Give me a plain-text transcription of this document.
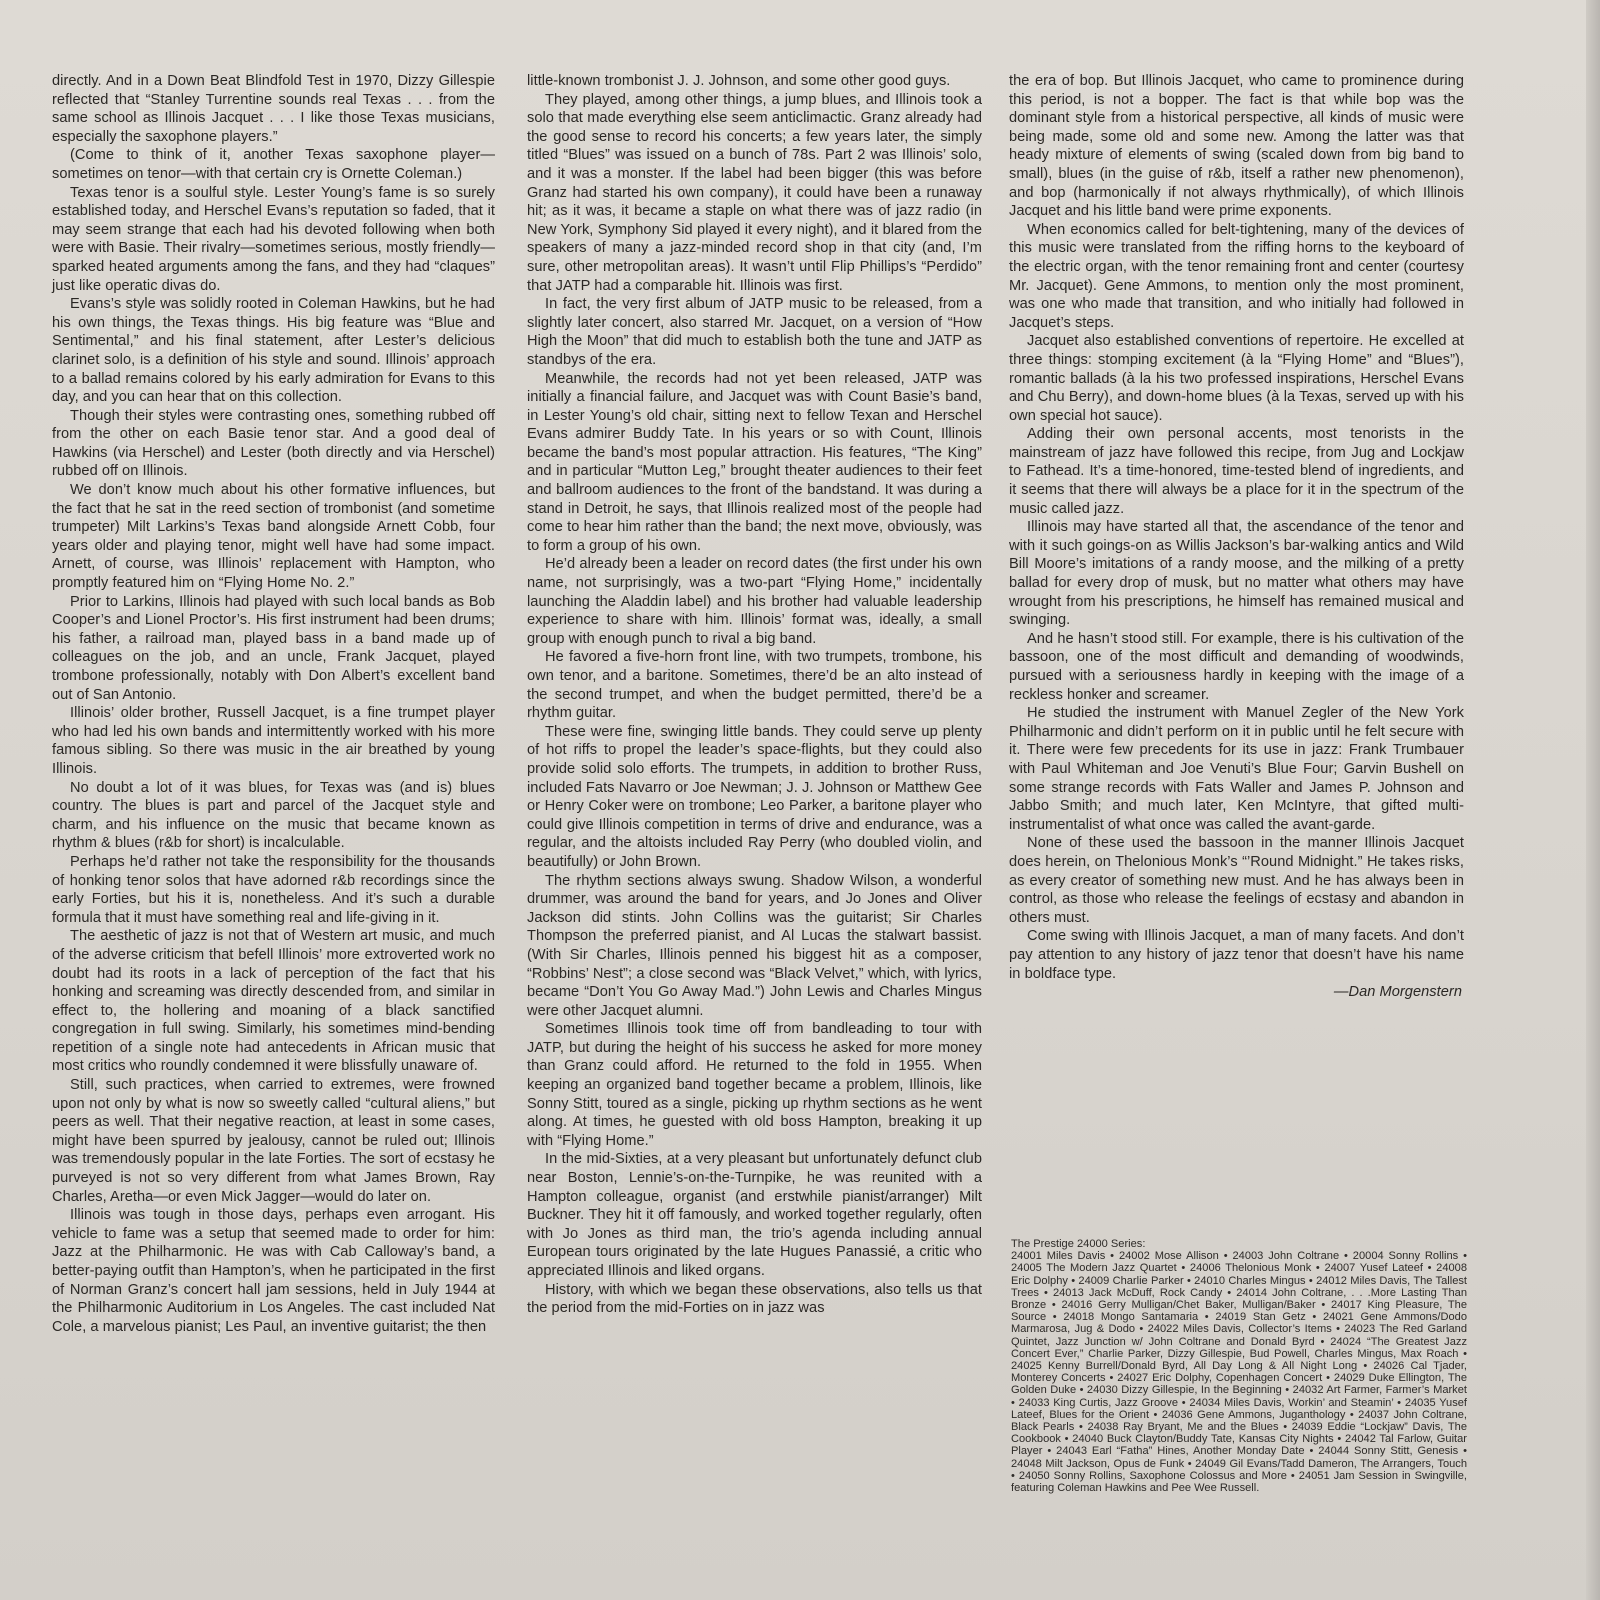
directly. And in a Down Beat Blindfold Test in 1970, Dizzy Gillespie reflected that “Stanley Turrentine sounds real Texas . . . from the same school as Illinois Jacquet . . . I like those Texas musicians, especially the saxophone players.”

(Come to think of it, another Texas saxophone player—sometimes on tenor—with that certain cry is Ornette Coleman.)

Texas tenor is a soulful style. Lester Young’s fame is so surely established today, and Herschel Evans’s reputation so faded, that it may seem strange that each had his devoted following when both were with Basie. Their rivalry—sometimes serious, mostly friendly—sparked heated arguments among the fans, and they had “claques” just like operatic divas do.

Evans’s style was solidly rooted in Coleman Hawkins, but he had his own things, the Texas things. His big feature was “Blue and Sentimental,” and his final statement, after Lester’s delicious clarinet solo, is a definition of his style and sound. Illinois’ approach to a ballad remains colored by his early admiration for Evans to this day, and you can hear that on this collection.

Though their styles were contrasting ones, something rubbed off from the other on each Basie tenor star. And a good deal of Hawkins (via Herschel) and Lester (both directly and via Herschel) rubbed off on Illinois.

We don’t know much about his other formative influences, but the fact that he sat in the reed section of trombonist (and sometime trumpeter) Milt Larkins’s Texas band alongside Arnett Cobb, four years older and playing tenor, might well have had some impact. Arnett, of course, was Illinois’ replacement with Hampton, who promptly featured him on “Flying Home No. 2.”

Prior to Larkins, Illinois had played with such local bands as Bob Cooper’s and Lionel Proctor’s. His first instrument had been drums; his father, a railroad man, played bass in a band made up of colleagues on the job, and an uncle, Frank Jacquet, played trombone professionally, notably with Don Albert’s excellent band out of San Antonio.

Illinois’ older brother, Russell Jacquet, is a fine trumpet player who had led his own bands and intermittently worked with his more famous sibling. So there was music in the air breathed by young Illinois.

No doubt a lot of it was blues, for Texas was (and is) blues country. The blues is part and parcel of the Jacquet style and charm, and his influence on the music that became known as rhythm & blues (r&b for short) is incalculable.

Perhaps he’d rather not take the responsibility for the thousands of honking tenor solos that have adorned r&b recordings since the early Forties, but his it is, nonetheless. And it’s such a durable formula that it must have something real and life-giving in it.

The aesthetic of jazz is not that of Western art music, and much of the adverse criticism that befell Illinois’ more extroverted work no doubt had its roots in a lack of perception of the fact that his honking and screaming was directly descended from, and similar in effect to, the hollering and moaning of a black sanctified congregation in full swing. Similarly, his sometimes mind-bending repetition of a single note had antecedents in African music that most critics who roundly condemned it were blissfully unaware of.

Still, such practices, when carried to extremes, were frowned upon not only by what is now so sweetly called “cultural aliens,” but peers as well. That their negative reaction, at least in some cases, might have been spurred by jealousy, cannot be ruled out; Illinois was tremendously popular in the late Forties. The sort of ecstasy he purveyed is not so very different from what James Brown, Ray Charles, Aretha—or even Mick Jagger—would do later on.

Illinois was tough in those days, perhaps even arrogant. His vehicle to fame was a setup that seemed made to order for him: Jazz at the Philharmonic. He was with Cab Calloway’s band, a better-paying outfit than Hampton’s, when he participated in the first of Norman Granz’s concert hall jam sessions, held in July 1944 at the Philharmonic Auditorium in Los Angeles. The cast included Nat Cole, a marvelous pianist; Les Paul, an inventive guitarist; the then

little-known trombonist J. J. Johnson, and some other good guys.

They played, among other things, a jump blues, and Illinois took a solo that made everything else seem anticlimactic. Granz already had the good sense to record his concerts; a few years later, the simply titled “Blues” was issued on a bunch of 78s. Part 2 was Illinois’ solo, and it was a monster. If the label had been bigger (this was before Granz had started his own company), it could have been a runaway hit; as it was, it became a staple on what there was of jazz radio (in New York, Symphony Sid played it every night), and it blared from the speakers of many a jazz-minded record shop in that city (and, I’m sure, other metropolitan areas). It wasn’t until Flip Phillips’s “Perdido” that JATP had a comparable hit. Illinois was first.

In fact, the very first album of JATP music to be released, from a slightly later concert, also starred Mr. Jacquet, on a version of “How High the Moon” that did much to establish both the tune and JATP as standbys of the era.

Meanwhile, the records had not yet been released, JATP was initially a financial failure, and Jacquet was with Count Basie’s band, in Lester Young’s old chair, sitting next to fellow Texan and Herschel Evans admirer Buddy Tate. In his years or so with Count, Illinois became the band’s most popular attraction. His features, “The King” and in particular “Mutton Leg,” brought theater audiences to their feet and ballroom audiences to the front of the bandstand. It was during a stand in Detroit, he says, that Illinois realized most of the people had come to hear him rather than the band; the next move, obviously, was to form a group of his own.

He’d already been a leader on record dates (the first under his own name, not surprisingly, was a two-part “Flying Home,” incidentally launching the Aladdin label) and his brother had valuable leadership experience to share with him. Illinois’ format was, ideally, a small group with enough punch to rival a big band.

He favored a five-horn front line, with two trumpets, trombone, his own tenor, and a baritone. Sometimes, there’d be an alto instead of the second trumpet, and when the budget permitted, there’d be a rhythm guitar.

These were fine, swinging little bands. They could serve up plenty of hot riffs to propel the leader’s space-flights, but they could also provide solid solo efforts. The trumpets, in addition to brother Russ, included Fats Navarro or Joe Newman; J. J. Johnson or Matthew Gee or Henry Coker were on trombone; Leo Parker, a baritone player who could give Illinois competition in terms of drive and endurance, was a regular, and the altoists included Ray Perry (who doubled violin, and beautifully) or John Brown.

The rhythm sections always swung. Shadow Wilson, a wonderful drummer, was around the band for years, and Jo Jones and Oliver Jackson did stints. John Collins was the guitarist; Sir Charles Thompson the preferred pianist, and Al Lucas the stalwart bassist. (With Sir Charles, Illinois penned his biggest hit as a composer, “Robbins’ Nest”; a close second was “Black Velvet,” which, with lyrics, became “Don’t You Go Away Mad.”) John Lewis and Charles Mingus were other Jacquet alumni.

Sometimes Illinois took time off from bandleading to tour with JATP, but during the height of his success he asked for more money than Granz could afford. He returned to the fold in 1955. When keeping an organized band together became a problem, Illinois, like Sonny Stitt, toured as a single, picking up rhythm sections as he went along. At times, he guested with old boss Hampton, breaking it up with “Flying Home.”

In the mid-Sixties, at a very pleasant but unfortunately defunct club near Boston, Lennie’s-on-the-Turnpike, he was reunited with a Hampton colleague, organist (and erstwhile pianist/arranger) Milt Buckner. They hit it off famously, and worked together regularly, often with Jo Jones as third man, the trio’s agenda including annual European tours originated by the late Hugues Panassié, a critic who appreciated Illinois and liked organs.

History, with which we began these observations, also tells us that the period from the mid-Forties on in jazz was

the era of bop. But Illinois Jacquet, who came to prominence during this period, is not a bopper. The fact is that while bop was the dominant style from a historical perspective, all kinds of music were being made, some old and some new. Among the latter was that heady mixture of elements of swing (scaled down from big band to small), blues (in the guise of r&b, itself a rather new phenomenon), and bop (harmonically if not always rhythmically), of which Illinois Jacquet and his little band were prime exponents.

When economics called for belt-tightening, many of the devices of this music were translated from the riffing horns to the keyboard of the electric organ, with the tenor remaining front and center (courtesy Mr. Jacquet). Gene Ammons, to mention only the most prominent, was one who made that transition, and who initially had followed in Jacquet’s steps.

Jacquet also established conventions of repertoire. He excelled at three things: stomping excitement (à la “Flying Home” and “Blues”), romantic ballads (à la his two professed inspirations, Herschel Evans and Chu Berry), and down-home blues (à la Texas, served up with his own special hot sauce).

Adding their own personal accents, most tenorists in the mainstream of jazz have followed this recipe, from Jug and Lockjaw to Fathead. It’s a time-honored, time-tested blend of ingredients, and it seems that there will always be a place for it in the spectrum of the music called jazz.

Illinois may have started all that, the ascendance of the tenor and with it such goings-on as Willis Jackson’s bar-walking antics and Wild Bill Moore’s imitations of a randy moose, and the milking of a pretty ballad for every drop of musk, but no matter what others may have wrought from his prescriptions, he himself has remained musical and swinging.

And he hasn’t stood still. For example, there is his cultivation of the bassoon, one of the most difficult and demanding of woodwinds, pursued with a seriousness hardly in keeping with the image of a reckless honker and screamer.

He studied the instrument with Manuel Zegler of the New York Philharmonic and didn’t perform on it in public until he felt secure with it. There were few precedents for its use in jazz: Frank Trumbauer with Paul Whiteman and Joe Venuti’s Blue Four; Garvin Bushell on some strange records with Fats Waller and James P. Johnson and Jabbo Smith; and much later, Ken McIntyre, that gifted multi-instrumentalist of what once was called the avant-garde.

None of these used the bassoon in the manner Illinois Jacquet does herein, on Thelonious Monk’s “’Round Midnight.” He takes risks, as every creator of something new must. And he has always been in control, as those who release the feelings of ecstasy and abandon in others must.

Come swing with Illinois Jacquet, a man of many facets. And don’t pay attention to any history of jazz tenor that doesn’t have his name in boldface type.

—Dan Morgenstern

The Prestige 24000 Series:
24001 Miles Davis • 24002 Mose Allison • 24003 John Coltrane • 20004 Sonny Rollins • 24005 The Modern Jazz Quartet • 24006 Thelonious Monk • 24007 Yusef Lateef • 24008 Eric Dolphy • 24009 Charlie Parker • 24010 Charles Mingus • 24012 Miles Davis, The Tallest Trees • 24013 Jack McDuff, Rock Candy • 24014 John Coltrane, . . .More Lasting Than Bronze • 24016 Gerry Mulligan/Chet Baker, Mulligan/Baker • 24017 King Pleasure, The Source • 24018 Mongo Santamaria • 24019 Stan Getz • 24021 Gene Ammons/Dodo Marmarosa, Jug & Dodo • 24022 Miles Davis, Collector’s Items • 24023 The Red Garland Quintet, Jazz Junction w/ John Coltrane and Donald Byrd • 24024 “The Greatest Jazz Concert Ever,” Charlie Parker, Dizzy Gillespie, Bud Powell, Charles Mingus, Max Roach • 24025 Kenny Burrell/Donald Byrd, All Day Long & All Night Long • 24026 Cal Tjader, Monterey Concerts • 24027 Eric Dolphy, Copenhagen Concert • 24029 Duke Ellington, The Golden Duke • 24030 Dizzy Gillespie, In the Beginning • 24032 Art Farmer, Farmer’s Market • 24033 King Curtis, Jazz Groove • 24034 Miles Davis, Workin’ and Steamin’ • 24035 Yusef Lateef, Blues for the Orient • 24036 Gene Ammons, Juganthology • 24037 John Coltrane, Black Pearls • 24038 Ray Bryant, Me and the Blues • 24039 Eddie “Lockjaw” Davis, The Cookbook • 24040 Buck Clayton/Buddy Tate, Kansas City Nights • 24042 Tal Farlow, Guitar Player • 24043 Earl “Fatha” Hines, Another Monday Date • 24044 Sonny Stitt, Genesis • 24048 Milt Jackson, Opus de Funk • 24049 Gil Evans/Tadd Dameron, The Arrangers, Touch • 24050 Sonny Rollins, Saxophone Colossus and More • 24051 Jam Session in Swingville, featuring Coleman Hawkins and Pee Wee Russell.
